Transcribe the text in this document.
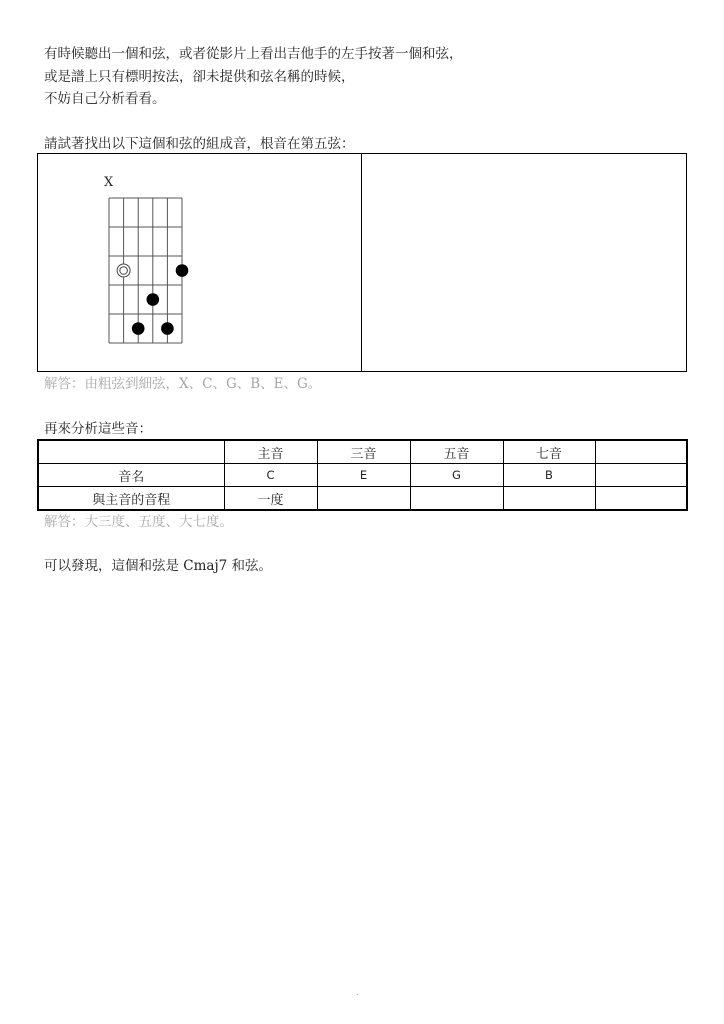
有時候聽出一個和弦，或者從影片上看出吉他手的左手按著一個和弦，
或是譜上只有標明按法，卻未提供和弦名稱的時候，
不妨自己分析看看。
請試著找出以下這個和弦的組成音，根音在第五弦：
X
解答：由粗弦到細弦，X、C、G、B、E、G。
再來分析這些音：
	主音	三音	五音	七音	
音名	C	E	G	B	
與主音的音程	一度				
解答：大三度、五度、大七度。
可以發現，這個和弦是 Cmaj7 和弦。
.
